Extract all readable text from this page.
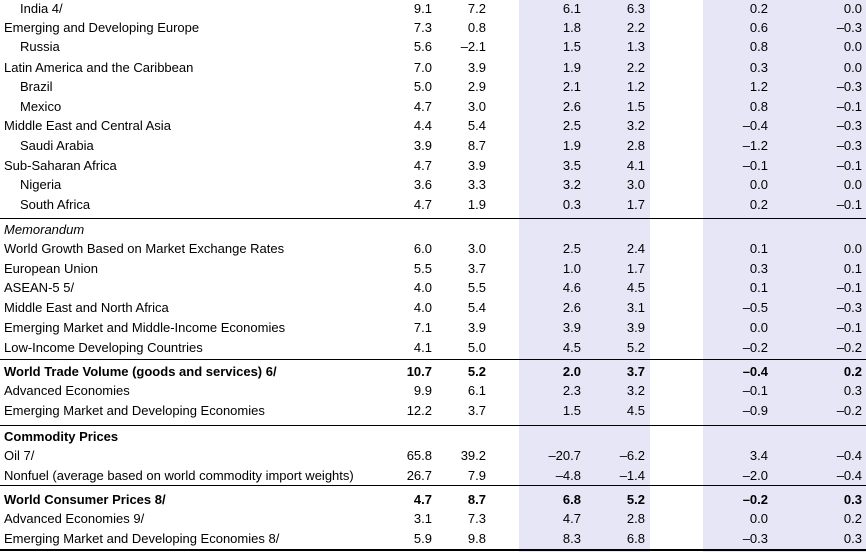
India 4/	9.1	7.2	6.1	6.3	0.2	0.0
Emerging and Developing Europe	7.3	0.8	1.8	2.2	0.6	–0.3
Russia	5.6	–2.1	1.5	1.3	0.8	0.0
Latin America and the Caribbean	7.0	3.9	1.9	2.2	0.3	0.0
Brazil	5.0	2.9	2.1	1.2	1.2	–0.3
Mexico	4.7	3.0	2.6	1.5	0.8	–0.1
Middle East and Central Asia	4.4	5.4	2.5	3.2	–0.4	–0.3
Saudi Arabia	3.9	8.7	1.9	2.8	–1.2	–0.3
Sub-Saharan Africa	4.7	3.9	3.5	4.1	–0.1	–0.1
Nigeria	3.6	3.3	3.2	3.0	0.0	0.0
South Africa	4.7	1.9	0.3	1.7	0.2	–0.1
Memorandum
World Growth Based on Market Exchange Rates	6.0	3.0	2.5	2.4	0.1	0.0
European Union	5.5	3.7	1.0	1.7	0.3	0.1
ASEAN-5 5/	4.0	5.5	4.6	4.5	0.1	–0.1
Middle East and North Africa	4.0	5.4	2.6	3.1	–0.5	–0.3
Emerging Market and Middle-Income Economies	7.1	3.9	3.9	3.9	0.0	–0.1
Low-Income Developing Countries	4.1	5.0	4.5	5.2	–0.2	–0.2
World Trade Volume (goods and services) 6/	10.7	5.2	2.0	3.7	–0.4	0.2
Advanced Economies	9.9	6.1	2.3	3.2	–0.1	0.3
Emerging Market and Developing Economies	12.2	3.7	1.5	4.5	–0.9	–0.2
Commodity Prices
Oil 7/	65.8	39.2	–20.7	–6.2	3.4	–0.4
Nonfuel (average based on world commodity import weights)	26.7	7.9	–4.8	–1.4	–2.0	–0.4
World Consumer Prices 8/	4.7	8.7	6.8	5.2	–0.2	0.3
Advanced Economies 9/	3.1	7.3	4.7	2.8	0.0	0.2
Emerging Market and Developing Economies 8/	5.9	9.8	8.3	6.8	–0.3	0.3
